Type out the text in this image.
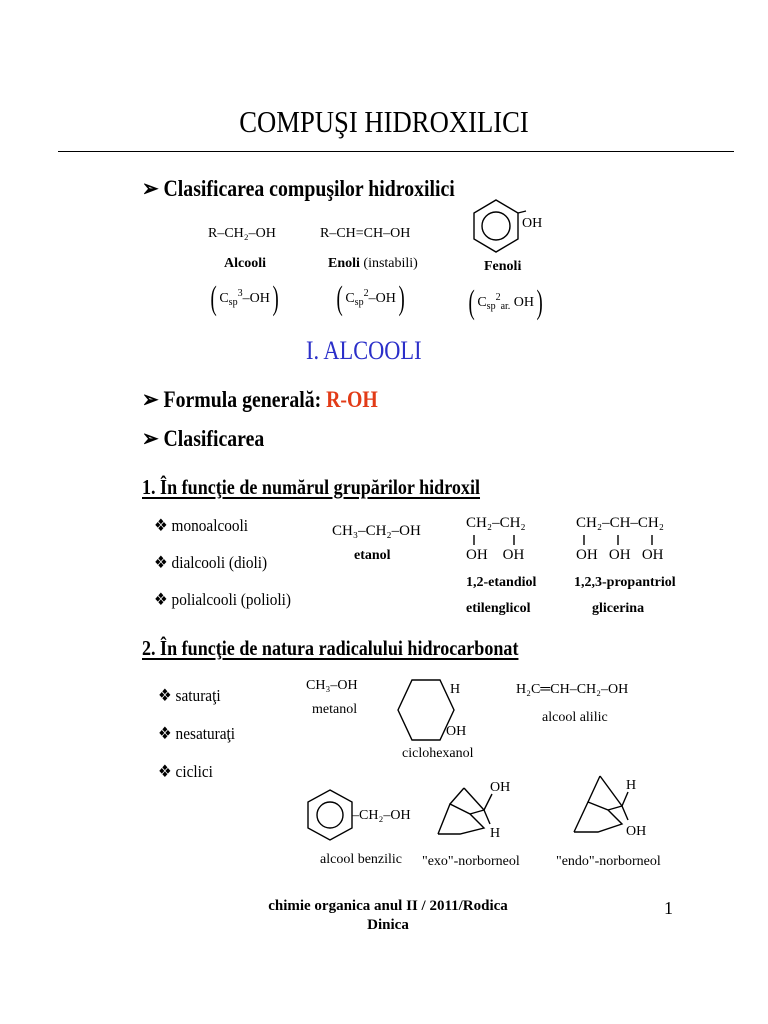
COMPUŞI HIDROXILICI
➢ Clasificarea compuşilor hidroxilici
R–CH₂–OH
Alcooli
( $C_{sp}^3-OH$)
R–CH=CH–OH
Enoli (instabili)
( $C_{sp}^2-OH$)
OH
Fenoli
( $C_{sp}^2_{ar.}$ OH)
I. ALCOOLI
➢ Formula generală: R-OH
➢ Clasificarea
1. În funcţie de numărul grupărilor hidroxil
❖ monoalcooli
❖ dialcooli (dioli)
❖ polialcooli (polioli)
CH₃–CH₂–OH
etanol
CH₂–CH₂
OH    OH
1,2-etandiol
etilenglicol
CH₂–CH–CH₂
OH   OH   OH
1,2,3-propantriol
glicerina
2. În funcţie de natura radicalului hidrocarbonat
❖ saturaţi
❖ nesaturaţi
❖ ciclici
CH₃–OH
metanol
H
OH
ciclohexanol
H₂C═CH–CH₂–OH
alcool alilic
–CH₂–OH
alcool benzilic
OH
H
"exo"-norborneol
H
OH
"endo"-norborneol
chimie organica anul II / 2011/Rodica
Dinica
1
